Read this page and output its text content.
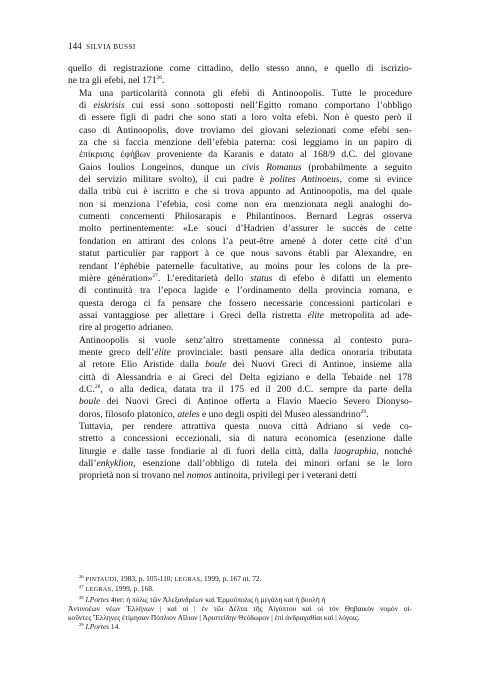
144 SILVIA BUSSI

quello di registrazione come cittadino, dello stesso anno, e quello di iscrizio-
ne tra gli efebi, nel $171^{26}$.

Ma una particolarità connota gli efebi di Antinoopolis. Tutte le procedure
di eiskrisis cui essi sono sottoposti nell’Egitto romano comportano l’obbligo
di essere figli di padri che sono stati a loro volta efebi. Non è questo però il
caso di Antinoopolis, dove troviamo dei giovani selezionati come efebi sen-
za che si faccia menzione dell’efebia paterna: così leggiamo in un papiro di
ἐπίκρισις ἐφήβων proveniente da Karanis e datato al 168/9 d.C. del giovane
Gaios Ioulios Longeinos, dunque un civis Romanus (probabilmente a seguito
del servizio militare svolto), il cui padre è polites Antinoeus, come si evince
dalla tribù cui è iscritto e che si trova appunto ad Antinoopolis, ma del quale
non si menziona l’efebia, così come non era menzionata negli analoghi do-
cumenti concernenti Philosarapis e Philantinoos. Bernard Legras osserva
molto pertinentemente: «Le souci d’Hadrien d’assurer le succès de cette
fondation en attirant des colons l’a peut-être amené à doter cette cité d’un
statut particulier par rapport à ce que nous savons établi par Alexandre, en
rendant l’éphébie paternelle facultative, au moins pour les colons de la pre-
mière génération»$^{27}$. L’ereditarietà dello status di efebo è difatti un elemento
di continuità tra l’epoca lagide e l’ordinamento della provincia romana, e
questa deroga ci fa pensare che fossero necessarie concessioni particolari e
assai vantaggiose per allettare i Greci della ristretta élite metropolita ad ade-
rire al progetto adrianeo.

Antinoopolis si vuole senz’altro strettamente connessa al contesto pura-
mente greco dell’élite provinciale: basti pensare alla dedica onoraria tributata
al retore Elio Aristide dalla boule dei Nuovi Greci di Antinoe, insieme alla
città di Alessandria e ai Greci del Delta egiziano e della Tebaide nel 178
d.C.$^{28}$, o alla dedica, datata tra il 175 ed il 200 d.C. sempre da parte della
boule dei Nuovi Greci di Antinoe offerta a Flavio Maecio Severo Dionyso-
doros, filosofo platonico, ateles e uno degli ospiti del Museo alessandrino$^{29}$.

Tuttavia, per rendere attrattiva questa nuova città Adriano si vede co-
stretto a concessioni eccezionali, sia di natura economica (esenzione dalle
liturgie e dalle tasse fondiarie al di fuori della città, dalla laographia, nonché
dall’enkyklion, esenzione dall’obbligo di tutela dei minori orfani se le loro
proprietà non si trovano nel nomos antinoita, privilegi per i veterani detti

$^{26}$ PINTAUDI, 1983, p. 105-110; LEGRAS, 1999, p. 167 nt. 72.
$^{27}$ LEGRAS, 1999, p. 168.
$^{28}$ I.Portes 4ter: ἡ πόλις τῶν Ἀλεξανδρέων καὶ Ἑρμούπολις ἡ μεγάλη καὶ ἡ βουλὴ ἡ

Ἀντινοέων νέων Ἑλλήνων | καὶ οἱ | ἐν τῶι Δέλτα τῆς Αἰγύπτου καὶ οἱ τὸν Θηβαικὸν νομὸν οἰ-
κοῦντες Ἕλληνες ἐτίμησαν Πόπλιον Αἴλιον | Ἀριστείδην Θεόδωρον | ἐπὶ ἀνδραγαθίαι καὶ | λόγοις.
$^{29}$ I.Portes 14.
